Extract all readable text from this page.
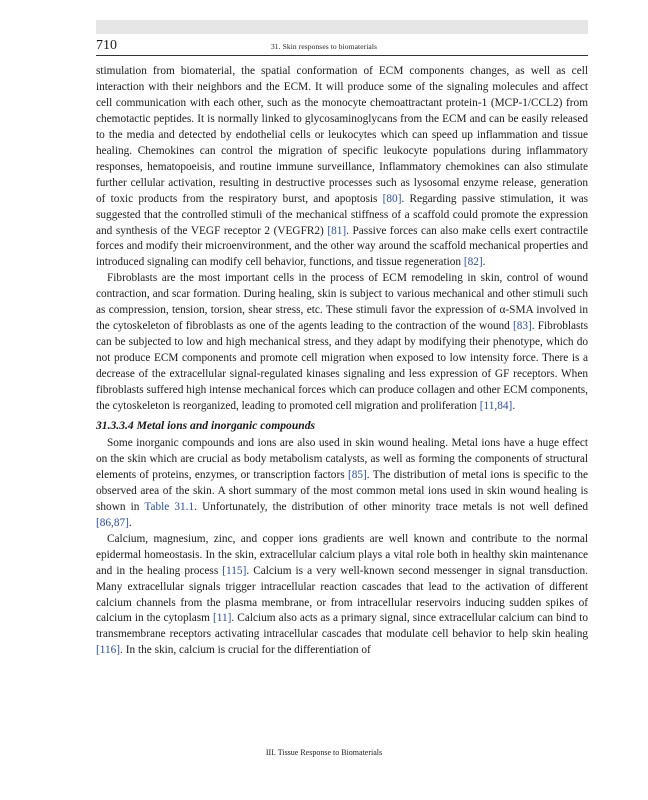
710	31. Skin responses to biomaterials

stimulation from biomaterial, the spatial conformation of ECM components changes, as well as cell interaction with their neighbors and the ECM. It will produce some of the signaling molecules and affect cell communication with each other, such as the monocyte chemoattractant protein-1 (MCP-1/CCL2) from chemotactic peptides. It is normally linked to glycosaminoglycans from the ECM and can be easily released to the media and detected by endothelial cells or leukocytes which can speed up inflammation and tissue healing. Chemokines can control the migration of specific leukocyte populations during inflammatory responses, hematopoeisis, and routine immune surveillance, Inflammatory chemokines can also stimulate further cellular activation, resulting in destructive processes such as lysosomal enzyme release, generation of toxic products from the respiratory burst, and apoptosis [80]. Regarding passive stimulation, it was suggested that the controlled stimuli of the mechanical stiffness of a scaffold could promote the expression and synthesis of the VEGF receptor 2 (VEGFR2) [81]. Passive forces can also make cells exert contractile forces and modify their microenvironment, and the other way around the scaffold mechanical properties and introduced signaling can modify cell behavior, functions, and tissue regeneration [82].

Fibroblasts are the most important cells in the process of ECM remodeling in skin, control of wound contraction, and scar formation. During healing, skin is subject to various mechanical and other stimuli such as compression, tension, torsion, shear stress, etc. These stimuli favor the expression of α-SMA involved in the cytoskeleton of fibroblasts as one of the agents leading to the contraction of the wound [83]. Fibroblasts can be subjected to low and high mechanical stress, and they adapt by modifying their phenotype, which do not produce ECM components and promote cell migration when exposed to low intensity force. There is a decrease of the extracellular signal-regulated kinases signaling and less expression of GF receptors. When fibroblasts suffered high intense mechanical forces which can produce collagen and other ECM components, the cytoskeleton is reorganized, leading to promoted cell migration and proliferation [11,84].

31.3.3.4 Metal ions and inorganic compounds

Some inorganic compounds and ions are also used in skin wound healing. Metal ions have a huge effect on the skin which are crucial as body metabolism catalysts, as well as forming the components of structural elements of proteins, enzymes, or transcription factors [85]. The distribution of metal ions is specific to the observed area of the skin. A short summary of the most common metal ions used in skin wound healing is shown in Table 31.1. Unfortunately, the distribution of other minority trace metals is not well defined [86,87].

Calcium, magnesium, zinc, and copper ions gradients are well known and contribute to the normal epidermal homeostasis. In the skin, extracellular calcium plays a vital role both in healthy skin maintenance and in the healing process [115]. Calcium is a very well-known second messenger in signal transduction. Many extracellular signals trigger intracellular reaction cascades that lead to the activation of different calcium channels from the plasma membrane, or from intracellular reservoirs inducing sudden spikes of calcium in the cytoplasm [11]. Calcium also acts as a primary signal, since extracellular calcium can bind to transmembrane receptors activating intracellular cascades that modulate cell behavior to help skin healing [116]. In the skin, calcium is crucial for the differentiation of

III. Tissue Response to Biomaterials
